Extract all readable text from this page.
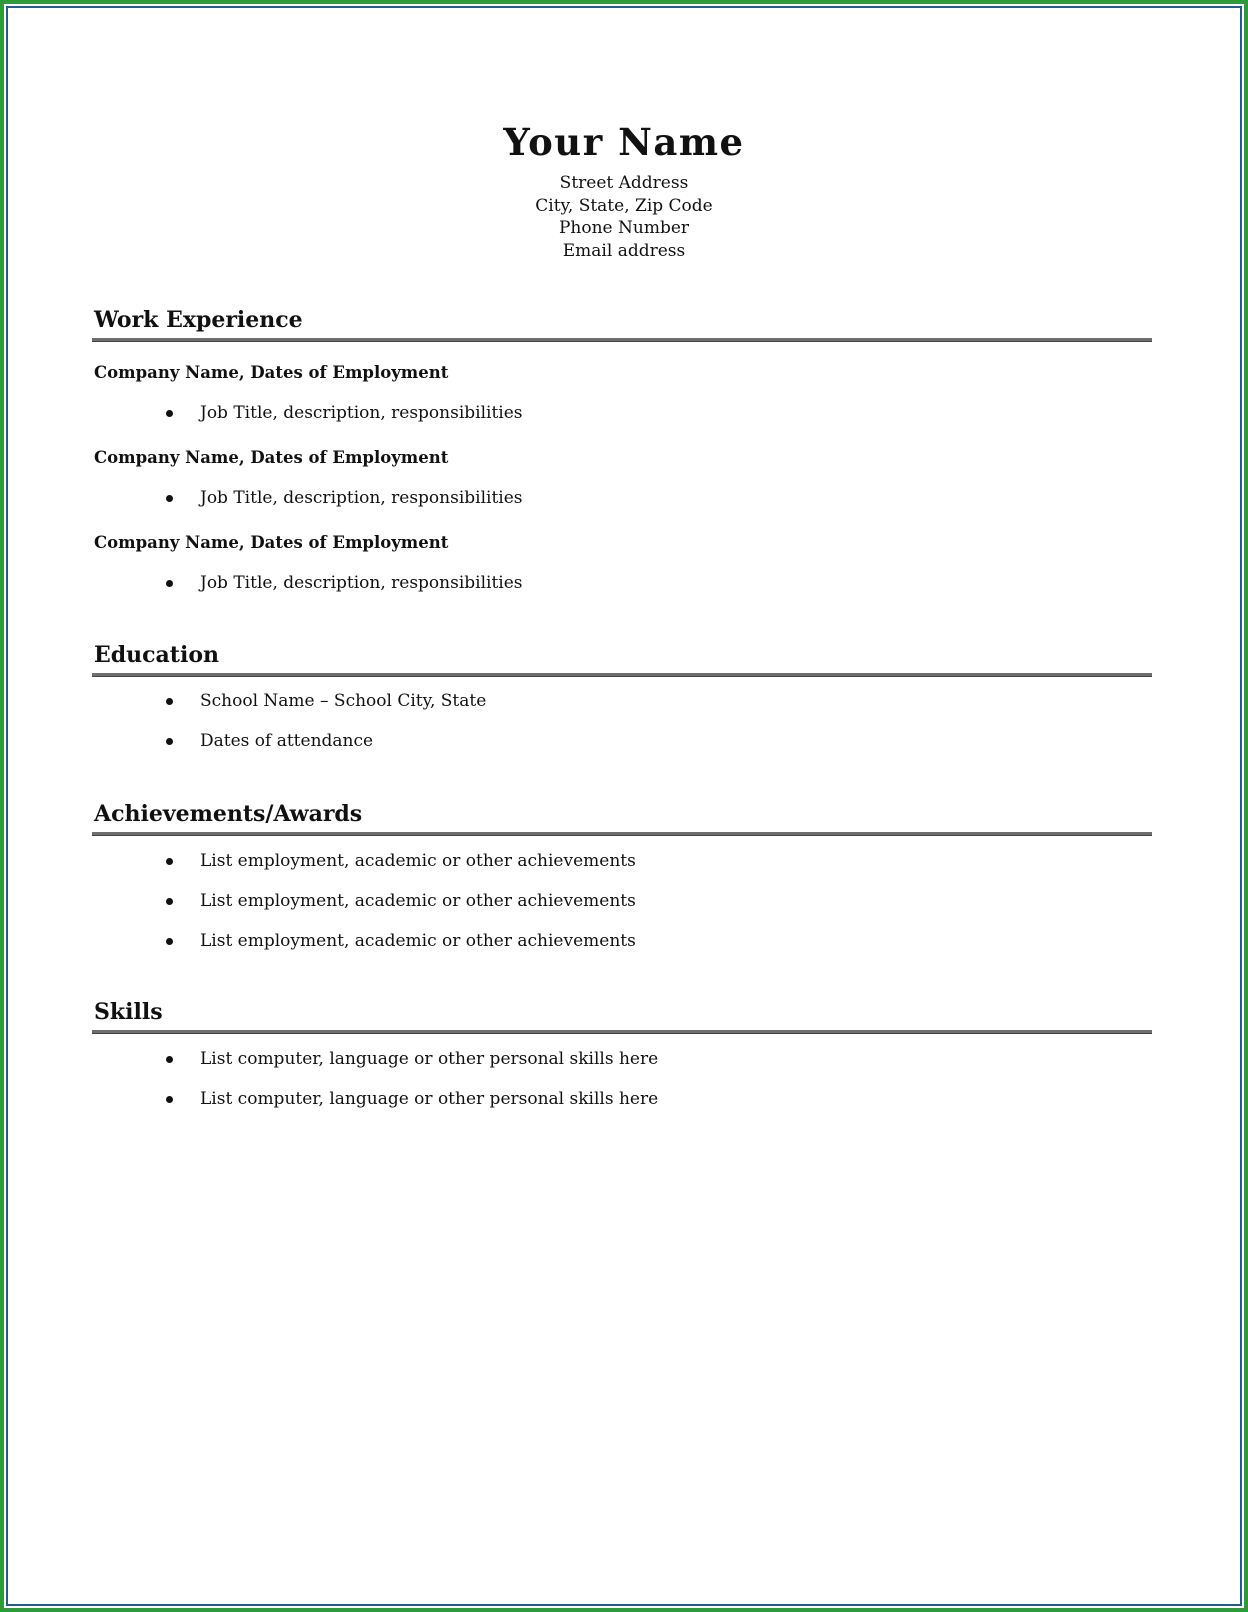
Your Name
Street Address
City, State, Zip Code
Phone Number
Email address
Work Experience
Company Name, Dates of Employment
Job Title, description, responsibilities
Company Name, Dates of Employment
Job Title, description, responsibilities
Company Name, Dates of Employment
Job Title, description, responsibilities
Education
School Name – School City, State
Dates of attendance
Achievements/Awards
List employment, academic or other achievements
List employment, academic or other achievements
List employment, academic or other achievements
Skills
List computer, language or other personal skills here
List computer, language or other personal skills here
